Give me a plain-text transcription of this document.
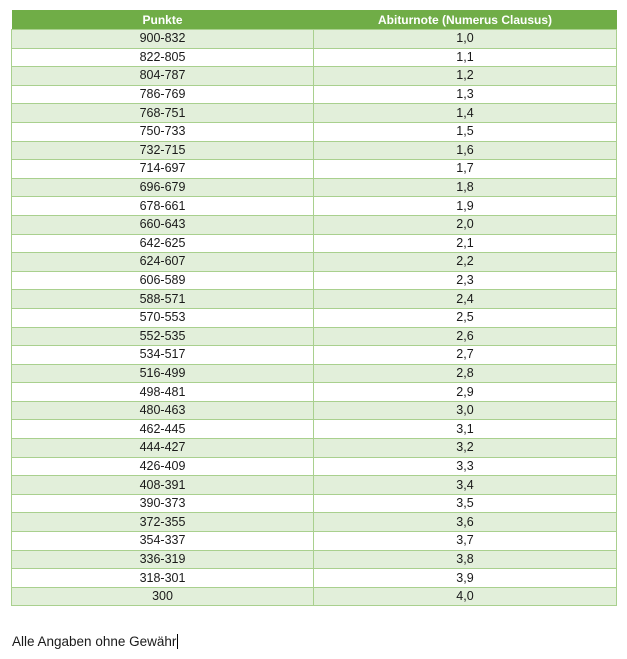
Punkte	Abiturnote (Numerus Clausus)
900-832	1,0
822-805	1,1
804-787	1,2
786-769	1,3
768-751	1,4
750-733	1,5
732-715	1,6
714-697	1,7
696-679	1,8
678-661	1,9
660-643	2,0
642-625	2,1
624-607	2,2
606-589	2,3
588-571	2,4
570-553	2,5
552-535	2,6
534-517	2,7
516-499	2,8
498-481	2,9
480-463	3,0
462-445	3,1
444-427	3,2
426-409	3,3
408-391	3,4
390-373	3,5
372-355	3,6
354-337	3,7
336-319	3,8
318-301	3,9
300	4,0
Alle Angaben ohne Gewähr
